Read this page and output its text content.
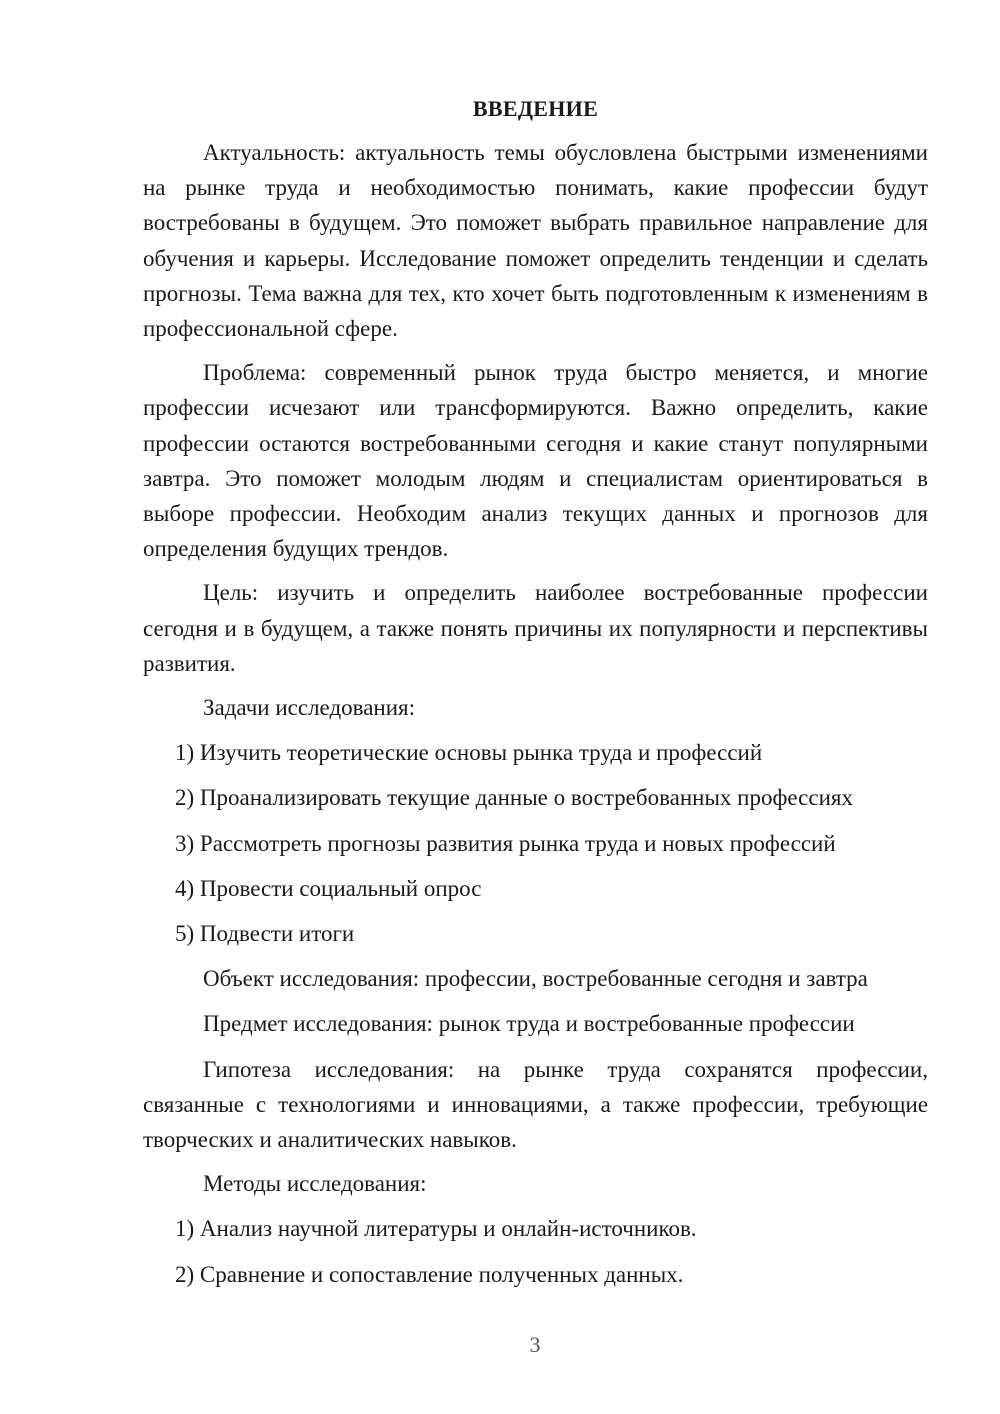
ВВЕДЕНИЕ

Актуальность: актуальность темы обусловлена быстрыми изменениями на рынке труда и необходимостью понимать, какие профессии будут востребованы в будущем. Это поможет выбрать правильное направление для обучения и карьеры. Исследование поможет определить тенденции и сделать прогнозы. Тема важна для тех, кто хочет быть подготовленным к изменениям в профессиональной сфере.

Проблема: современный рынок труда быстро меняется, и многие профессии исчезают или трансформируются. Важно определить, какие профессии остаются востребованными сегодня и какие станут популярными завтра. Это поможет молодым людям и специалистам ориентироваться в выборе профессии. Необходим анализ текущих данных и прогнозов для определения будущих трендов.

Цель: изучить и определить наиболее востребованные профессии сегодня и в будущем, а также понять причины их популярности и перспективы развития.

Задачи исследования:
1) Изучить теоретические основы рынка труда и профессий
2) Проанализировать текущие данные о востребованных профессиях
3) Рассмотреть прогнозы развития рынка труда и новых профессий
4) Провести социальный опрос
5) Подвести итоги
Объект исследования: профессии, востребованные сегодня и завтра
Предмет исследования: рынок труда и востребованные профессии

Гипотеза исследования: на рынке труда сохранятся профессии, связанные с технологиями и инновациями, а также профессии, требующие творческих и аналитических навыков.

Методы исследования:
1) Анализ научной литературы и онлайн-источников.
2) Сравнение и сопоставление полученных данных.
3
